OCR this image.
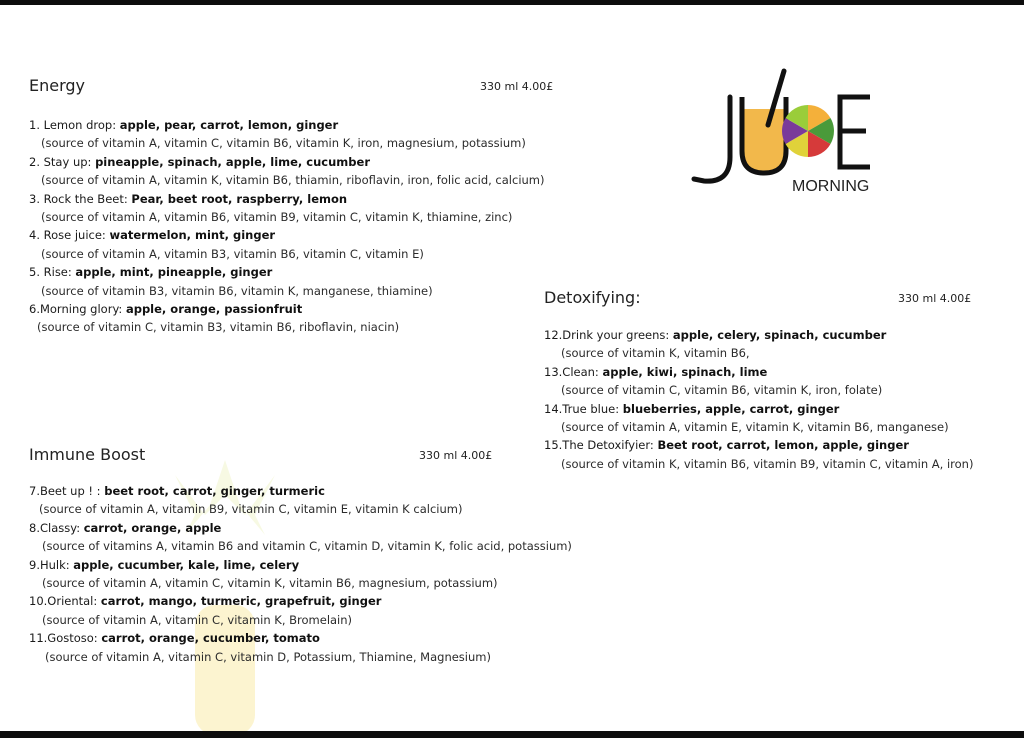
MORNING
Energy	330 ml 4.00£
1. Lemon drop: apple, pear, carrot, lemon, ginger
(source of vitamin A, vitamin C, vitamin B6, vitamin K, iron, magnesium, potassium)
2. Stay up: pineapple, spinach, apple, lime, cucumber
(source of vitamin A, vitamin K, vitamin B6, thiamin, riboflavin, iron, folic acid, calcium)
3. Rock the Beet: Pear, beet root, raspberry, lemon
(source of vitamin A, vitamin B6, vitamin B9, vitamin C, vitamin K, thiamine, zinc)
4. Rose juice: watermelon, mint, ginger
(source of vitamin A, vitamin B3, vitamin B6, vitamin C, vitamin E)
5. Rise: apple, mint, pineapple, ginger
(source of vitamin B3, vitamin B6, vitamin K, manganese, thiamine)
6.Morning glory: apple, orange, passionfruit
(source of vitamin C, vitamin B3, vitamin B6, riboflavin, niacin)
Detoxifying:	330 ml 4.00£
12.Drink your greens: apple, celery, spinach, cucumber
(source of vitamin K, vitamin B6,
13.Clean: apple, kiwi, spinach, lime
(source of vitamin C, vitamin B6, vitamin K, iron, folate)
14.True blue: blueberries, apple, carrot, ginger
(source of vitamin A, vitamin E, vitamin K, vitamin B6, manganese)
15.The Detoxifyier: Beet root, carrot, lemon, apple, ginger
(source of vitamin K, vitamin B6, vitamin B9, vitamin C, vitamin A, iron)
Immune Boost	330 ml 4.00£
7.Beet up ! : beet root, carrot, ginger, turmeric
(source of vitamin A, vitamin B9, vitamin C, vitamin E, vitamin K calcium)
8.Classy: carrot, orange, apple
(source of vitamins A, vitamin B6 and vitamin C, vitamin D, vitamin K, folic acid, potassium)
9.Hulk: apple, cucumber, kale, lime, celery
(source of vitamin A, vitamin C, vitamin K, vitamin B6, magnesium, potassium)
10.Oriental: carrot, mango, turmeric, grapefruit, ginger
(source of vitamin A, vitamin C, vitamin K, Bromelain)
11.Gostoso: carrot, orange, cucumber, tomato
(source of vitamin A, vitamin C, vitamin D, Potassium, Thiamine, Magnesium)
